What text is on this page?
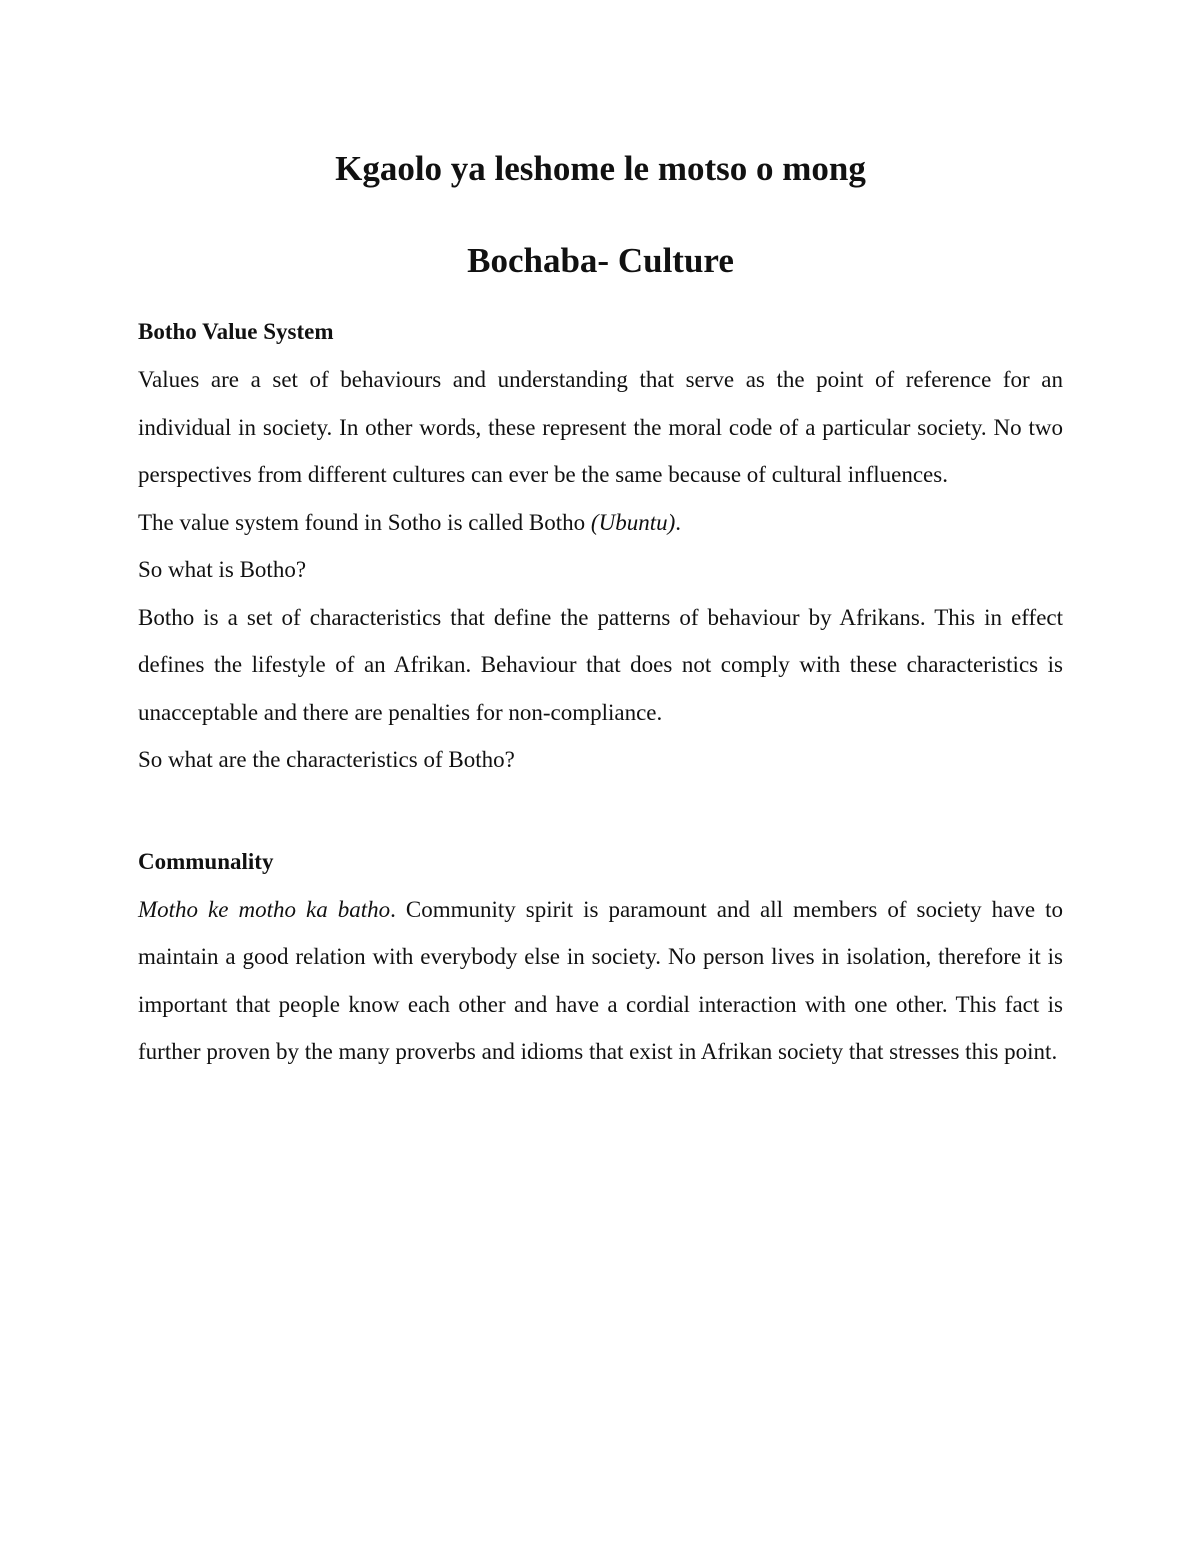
Kgaolo ya leshome le motso o mong
Bochaba- Culture
Botho Value System

Values are a set of behaviours and understanding that serve as the point of reference for an individual in society. In other words, these represent the moral code of a particular society. No two perspectives from different cultures can ever be the same because of cultural influences.

The value system found in Sotho is called Botho (Ubuntu).

So what is Botho?

Botho is a set of characteristics that define the patterns of behaviour by Afrikans. This in effect defines the lifestyle of an Afrikan. Behaviour that does not comply with these characteristics is unacceptable and there are penalties for non-compliance.

So what are the characteristics of Botho?

Communality

Motho ke motho ka batho. Community spirit is paramount and all members of society have to maintain a good relation with everybody else in society. No person lives in isolation, therefore it is important that people know each other and have a cordial interaction with one other. This fact is further proven by the many proverbs and idioms that exist in Afrikan society that stresses this point.
